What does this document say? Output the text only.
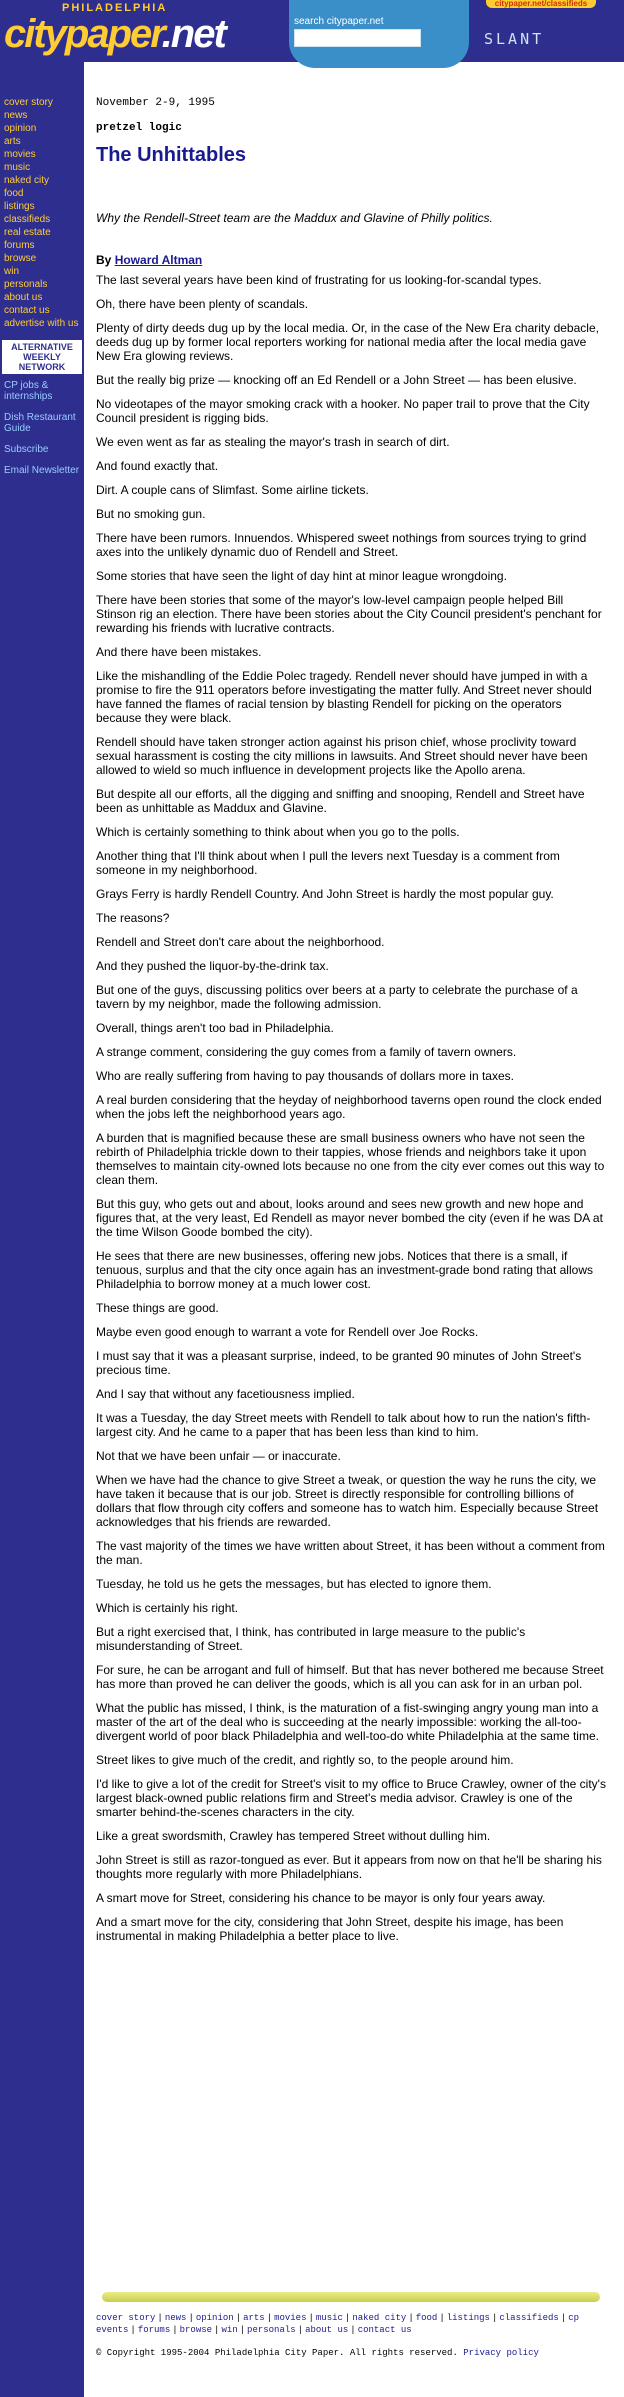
PHILADELPHIA
citypaper.net	search citypaper.net
citypaper.net/classifieds
SLANT
cover story
news
opinion
arts
movies
music
naked city
food
listings
classifieds
real estate
forums
browse
win
personals
about us
contact us
advertise with us
ALTERNATIVE WEEKLY NETWORK
CP jobs & internships
Dish Restaurant Guide
Subscribe
Email Newsletter
November 2-9, 1995
pretzel logic
The Unhittables
Why the Rendell-Street team are the Maddux and Glavine of Philly politics.
By Howard Altman

The last several years have been kind of frustrating for us looking-for-scandal types.

Oh, there have been plenty of scandals.

Plenty of dirty deeds dug up by the local media. Or, in the case of the New Era charity debacle, deeds dug up by former local reporters working for national media after the local media gave New Era glowing reviews.

But the really big prize — knocking off an Ed Rendell or a John Street — has been elusive.

No videotapes of the mayor smoking crack with a hooker. No paper trail to prove that the City Council president is rigging bids.

We even went as far as stealing the mayor's trash in search of dirt.

And found exactly that.

Dirt. A couple cans of Slimfast. Some airline tickets.

But no smoking gun.

There have been rumors. Innuendos. Whispered sweet nothings from sources trying to grind axes into the unlikely dynamic duo of Rendell and Street.

Some stories that have seen the light of day hint at minor league wrongdoing.

There have been stories that some of the mayor's low-level campaign people helped Bill Stinson rig an election. There have been stories about the City Council president's penchant for rewarding his friends with lucrative contracts.

And there have been mistakes.

Like the mishandling of the Eddie Polec tragedy. Rendell never should have jumped in with a promise to fire the 911 operators before investigating the matter fully. And Street never should have fanned the flames of racial tension by blasting Rendell for picking on the operators because they were black.

Rendell should have taken stronger action against his prison chief, whose proclivity toward sexual harassment is costing the city millions in lawsuits. And Street should never have been allowed to wield so much influence in development projects like the Apollo arena.

But despite all our efforts, all the digging and sniffing and snooping, Rendell and Street have been as unhittable as Maddux and Glavine.

Which is certainly something to think about when you go to the polls.

Another thing that I'll think about when I pull the levers next Tuesday is a comment from someone in my neighborhood.

Grays Ferry is hardly Rendell Country. And John Street is hardly the most popular guy.

The reasons?

Rendell and Street don't care about the neighborhood.

And they pushed the liquor-by-the-drink tax.

But one of the guys, discussing politics over beers at a party to celebrate the purchase of a tavern by my neighbor, made the following admission.

Overall, things aren't too bad in Philadelphia.

A strange comment, considering the guy comes from a family of tavern owners.

Who are really suffering from having to pay thousands of dollars more in taxes.

A real burden considering that the heyday of neighborhood taverns open round the clock ended when the jobs left the neighborhood years ago.

A burden that is magnified because these are small business owners who have not seen the rebirth of Philadelphia trickle down to their tappies, whose friends and neighbors take it upon themselves to maintain city-owned lots because no one from the city ever comes out this way to clean them.

But this guy, who gets out and about, looks around and sees new growth and new hope and figures that, at the very least, Ed Rendell as mayor never bombed the city (even if he was DA at the time Wilson Goode bombed the city).

He sees that there are new businesses, offering new jobs. Notices that there is a small, if tenuous, surplus and that the city once again has an investment-grade bond rating that allows Philadelphia to borrow money at a much lower cost.

These things are good.

Maybe even good enough to warrant a vote for Rendell over Joe Rocks.

I must say that it was a pleasant surprise, indeed, to be granted 90 minutes of John Street's precious time.

And I say that without any facetiousness implied.

It was a Tuesday, the day Street meets with Rendell to talk about how to run the nation's fifth-largest city. And he came to a paper that has been less than kind to him.

Not that we have been unfair — or inaccurate.

When we have had the chance to give Street a tweak, or question the way he runs the city, we have taken it because that is our job. Street is directly responsible for controlling billions of dollars that flow through city coffers and someone has to watch him. Especially because Street acknowledges that his friends are rewarded.

The vast majority of the times we have written about Street, it has been without a comment from the man.

Tuesday, he told us he gets the messages, but has elected to ignore them.

Which is certainly his right.

But a right exercised that, I think, has contributed in large measure to the public's misunderstanding of Street.

For sure, he can be arrogant and full of himself. But that has never bothered me because Street has more than proved he can deliver the goods, which is all you can ask for in an urban pol.

What the public has missed, I think, is the maturation of a fist-swinging angry young man into a master of the art of the deal who is succeeding at the nearly impossible: working the all-too-divergent world of poor black Philadelphia and well-too-do white Philadelphia at the same time.

Street likes to give much of the credit, and rightly so, to the people around him.

I'd like to give a lot of the credit for Street's visit to my office to Bruce Crawley, owner of the city's largest black-owned public relations firm and Street's media advisor. Crawley is one of the smarter behind-the-scenes characters in the city.

Like a great swordsmith, Crawley has tempered Street without dulling him.

John Street is still as razor-tongued as ever. But it appears from now on that he'll be sharing his thoughts more regularly with more Philadelphians.

A smart move for Street, considering his chance to be mayor is only four years away.

And a smart move for the city, considering that John Street, despite his image, has been instrumental in making Philadelphia a better place to live.

cover story | news | opinion | arts | movies | music | naked city | food | listings | classifieds | cp events | forums | browse | win | personals | about us | contact us
© Copyright 1995-2004 Philadelphia City Paper. All rights reserved. Privacy policy
